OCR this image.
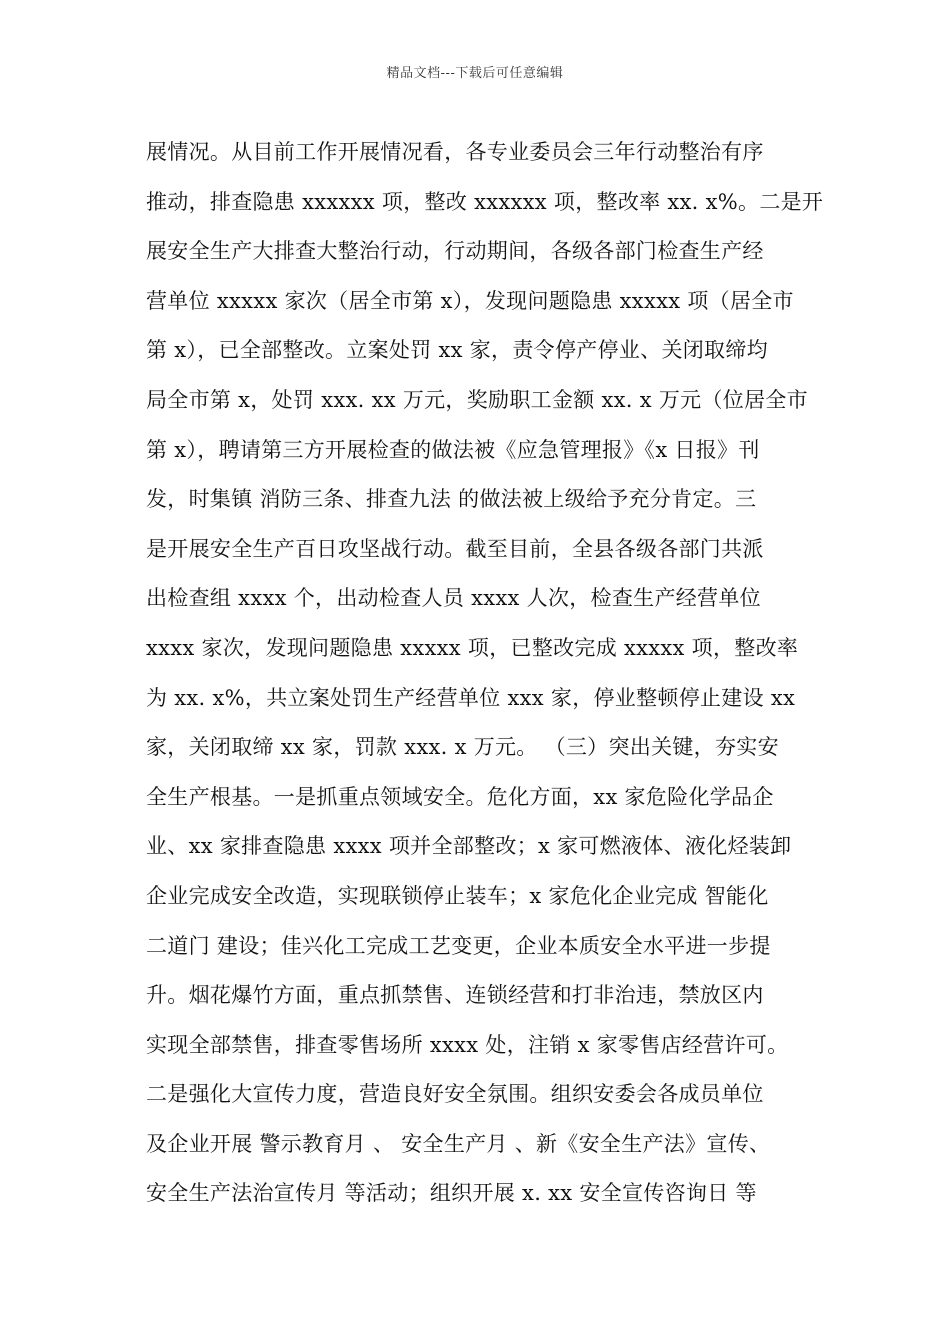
精品文档---下载后可任意编辑
展情况。从目前工作开展情况看，各专业委员会三年行动整治有序
推动，排查隐患 xxxxxx 项，整改 xxxxxx 项，整改率 xx. x%。二是开
展安全生产大排查大整治行动，行动期间，各级各部门检查生产经
营单位 xxxxx 家次（居全市第 x），发现问题隐患 xxxxx 项（居全市
第 x），已全部整改。立案处罚 xx 家，责令停产停业、关闭取缔均
局全市第 x，处罚 xxx. xx 万元，奖励职工金额 xx. x 万元（位居全市
第 x），聘请第三方开展检查的做法被《应急管理报》《x 日报》刊
发，时集镇 消防三条、排查九法 的做法被上级给予充分肯定。三
是开展安全生产百日攻坚战行动。截至目前，全县各级各部门共派
出检查组 xxxx 个，出动检查人员 xxxx 人次，检查生产经营单位
xxxx 家次，发现问题隐患 xxxxx 项，已整改完成 xxxxx 项，整改率
为 xx. x%，共立案处罚生产经营单位 xxx 家，停业整顿停止建设 xx
家，关闭取缔 xx 家，罚款 xxx. x 万元。 （三）突出关键，夯实安
全生产根基。一是抓重点领域安全。危化方面，xx 家危险化学品企
业、xx 家排查隐患 xxxx 项并全部整改；x 家可燃液体、液化烃装卸
企业完成安全改造，实现联锁停止装车；x 家危化企业完成 智能化
二道门 建设；佳兴化工完成工艺变更，企业本质安全水平进一步提
升。烟花爆竹方面，重点抓禁售、连锁经营和打非治违，禁放区内
实现全部禁售，排查零售场所 xxxx 处，注销 x 家零售店经营许可。
二是强化大宣传力度，营造良好安全氛围。组织安委会各成员单位
及企业开展 警示教育月 、 安全生产月 、新《安全生产法》宣传、
安全生产法治宣传月 等活动；组织开展 x. xx 安全宣传咨询日 等
